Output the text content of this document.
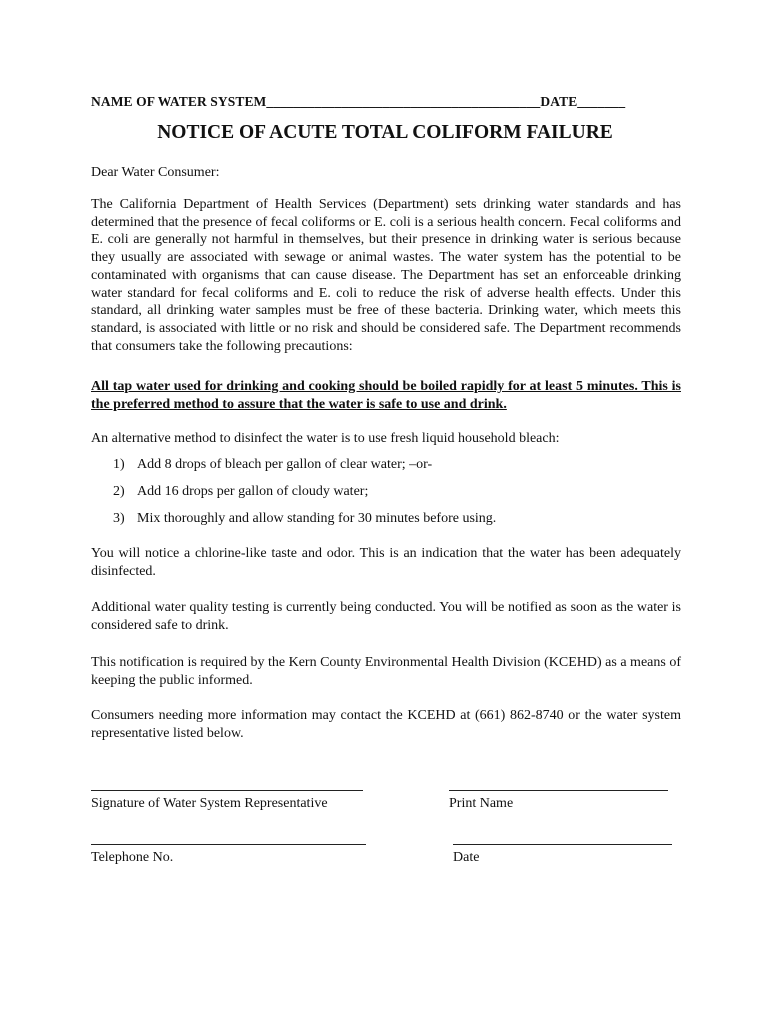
NAME OF WATER SYSTEM________________________________________DATE_______
NOTICE OF ACUTE TOTAL COLIFORM FAILURE
Dear Water Consumer:
The California Department of Health Services (Department) sets drinking water standards and has determined that the presence of fecal coliforms or E. coli is a serious health concern. Fecal coliforms and E. coli are generally not harmful in themselves, but their presence in drinking water is serious because they usually are associated with sewage or animal wastes. The water system has the potential to be contaminated with organisms that can cause disease. The Department has set an enforceable drinking water standard for fecal coliforms and E. coli to reduce the risk of adverse health effects. Under this standard, all drinking water samples must be free of these bacteria. Drinking water, which meets this standard, is associated with little or no risk and should be considered safe. The Department recommends that consumers take the following precautions:
All tap water used for drinking and cooking should be boiled rapidly for at least 5 minutes. This is the preferred method to assure that the water is safe to use and drink.
An alternative method to disinfect the water is to use fresh liquid household bleach:
1) Add 8 drops of bleach per gallon of clear water; –or-
2) Add 16 drops per gallon of cloudy water;
3) Mix thoroughly and allow standing for 30 minutes before using.
You will notice a chlorine-like taste and odor. This is an indication that the water has been adequately disinfected.
Additional water quality testing is currently being conducted. You will be notified as soon as the water is considered safe to drink.
This notification is required by the Kern County Environmental Health Division (KCEHD) as a means of keeping the public informed.
Consumers needing more information may contact the KCEHD at (661) 862-8740 or the water system representative listed below.
Signature of Water System Representative	Print Name
Telephone No.	Date
